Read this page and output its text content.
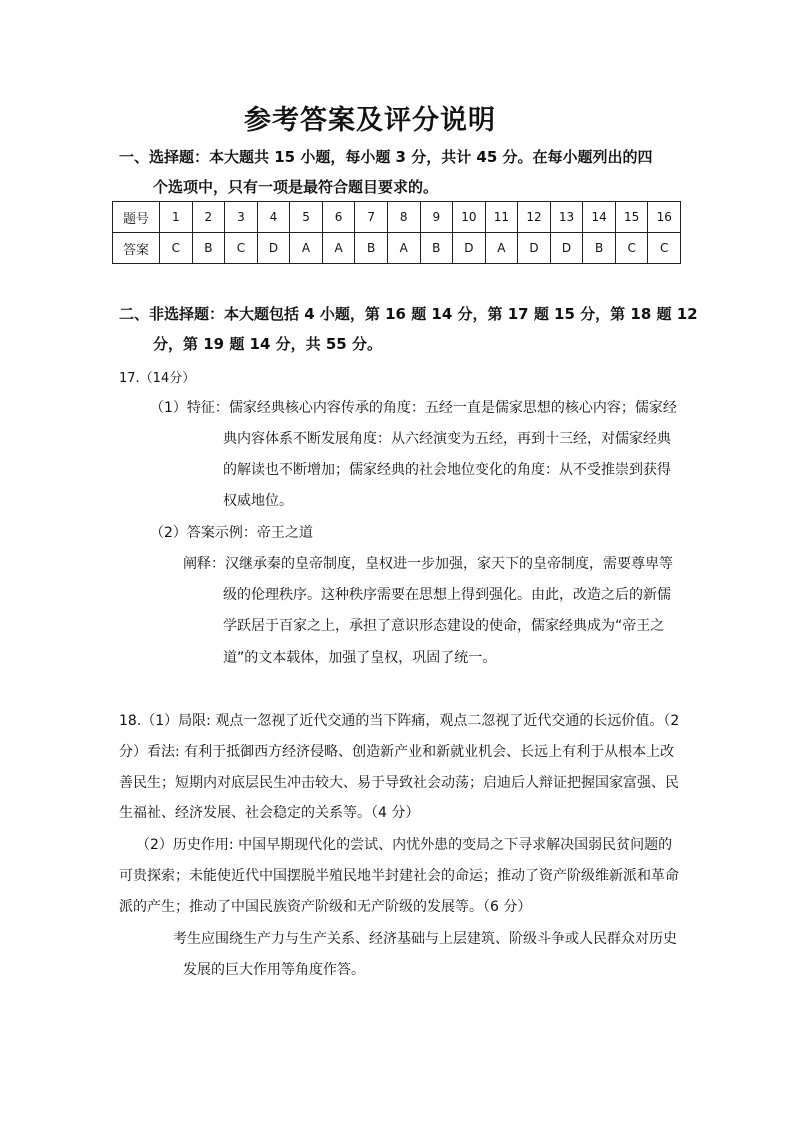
参考答案及评分说明
一、选择题：本大题共 15 小题，每小题 3 分，共计 45 分。在每小题列出的四
个选项中，只有一项是最符合题目要求的。
题号	1	2	3	4	5	6	7	8	9	10	11	12	13	14	15	16
答案	C	B	C	D	A	A	B	A	B	D	A	D	D	B	C	C
二、非选择题：本大题包括 4 小题，第 16 题 14 分，第 17 题 15 分，第 18 题 12
分，第 19 题 14 分，共 55 分。
17.（14分）
（1）特征：儒家经典核心内容传承的角度：五经一直是儒家思想的核心内容；儒家经
典内容体系不断发展角度：从六经演变为五经，再到十三经，对儒家经典
的解读也不断增加；儒家经典的社会地位变化的角度：从不受推崇到获得
权威地位。
（2）答案示例：帝王之道
阐释：汉继承秦的皇帝制度，皇权进一步加强，家天下的皇帝制度，需要尊卑等
级的伦理秩序。这种秩序需要在思想上得到强化。由此，改造之后的新儒
学跃居于百家之上，承担了意识形态建设的使命，儒家经典成为“帝王之
道”的文本载体，加强了皇权，巩固了统一。
18.（1）局限: 观点一忽视了近代交通的当下阵痛，观点二忽视了近代交通的长远价值。（2
分）看法: 有利于抵御西方经济侵略、创造新产业和新就业机会、长远上有利于从根本上改
善民生；短期内对底层民生冲击较大、易于导致社会动荡；启迪后人辩证把握国家富强、民
生福祉、经济发展、社会稳定的关系等。（4 分）
（2）历史作用: 中国早期现代化的尝试、内忧外患的变局之下寻求解决国弱民贫问题的
可贵探索；未能使近代中国摆脱半殖民地半封建社会的命运；推动了资产阶级维新派和革命
派的产生；推动了中国民族资产阶级和无产阶级的发展等。（6 分）
考生应围绕生产力与生产关系、经济基础与上层建筑、阶级斗争或人民群众对历史
发展的巨大作用等角度作答。
